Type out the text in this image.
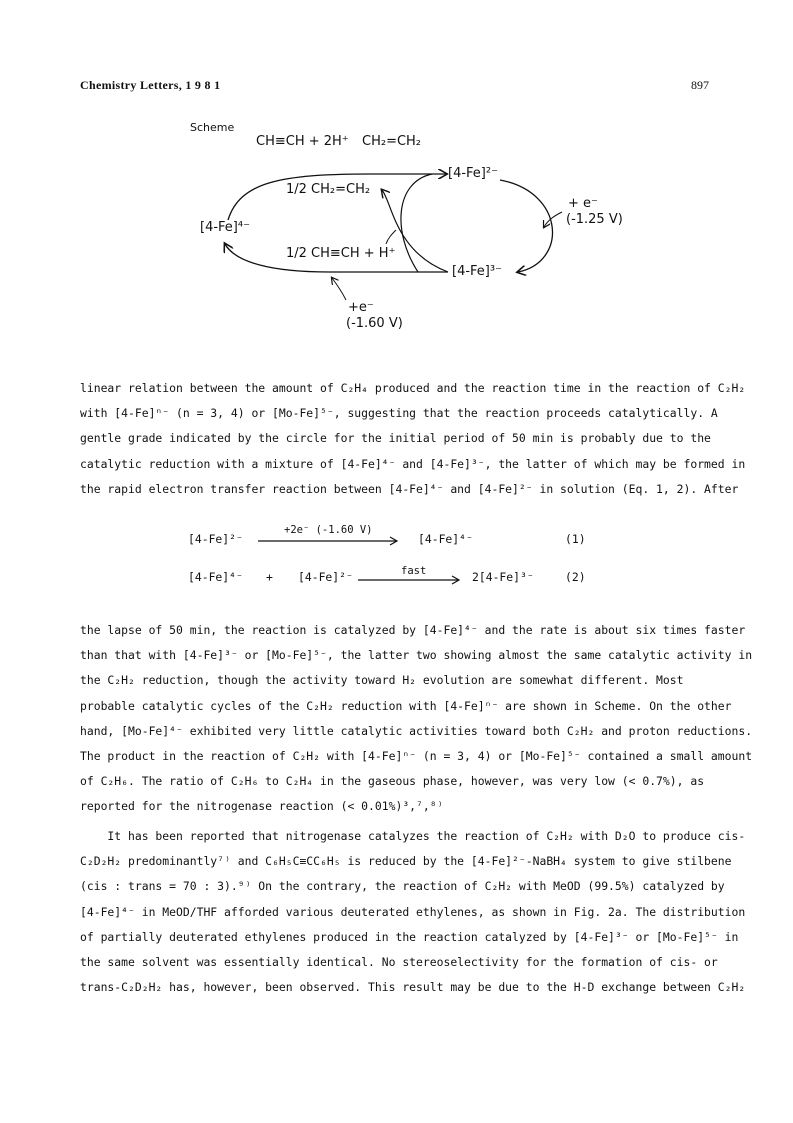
Chemistry Letters, 1 9 8 1	897
Scheme
CH≡CH + 2H⁺ CH₂=CH₂
1/2 CH₂=CH₂
1/2 CH≡CH + H⁺
[4-Fe]⁴⁻
[4-Fe]²⁻
[4-Fe]³⁻
+ e⁻
(-1.25 V)
+e⁻
(-1.60 V)
linear relation between the amount of C₂H₄ produced and the reaction time in the reaction of C₂H₂
with [4-Fe]ⁿ⁻ (n = 3, 4) or [Mo-Fe]⁵⁻, suggesting that the reaction proceeds catalytically. A
gentle grade indicated by the circle for the initial period of 50 min is probably due to the
catalytic reduction with a mixture of [4-Fe]⁴⁻ and [4-Fe]³⁻, the latter of which may be formed in
the rapid electron transfer reaction between [4-Fe]⁴⁻ and [4-Fe]²⁻ in solution (Eq. 1, 2). After
[4-Fe]²⁻
+2e⁻ (-1.60 V)
[4-Fe]⁴⁻	(1)
[4-Fe]⁴⁻ + [4-Fe]²⁻	fast	2[4-Fe]³⁻	(2)
the lapse of 50 min, the reaction is catalyzed by [4-Fe]⁴⁻ and the rate is about six times faster
than that with [4-Fe]³⁻ or [Mo-Fe]⁵⁻, the latter two showing almost the same catalytic activity in
the C₂H₂ reduction, though the activity toward H₂ evolution are somewhat different. Most
probable catalytic cycles of the C₂H₂ reduction with [4-Fe]ⁿ⁻ are shown in Scheme. On the other
hand, [Mo-Fe]⁴⁻ exhibited very little catalytic activities toward both C₂H₂ and proton reductions.
The product in the reaction of C₂H₂ with [4-Fe]ⁿ⁻ (n = 3, 4) or [Mo-Fe]⁵⁻ contained a small amount
of C₂H₆. The ratio of C₂H₆ to C₂H₄ in the gaseous phase, however, was very low (< 0.7%), as
reported for the nitrogenase reaction (< 0.01%)³,⁷,⁸⁾
It has been reported that nitrogenase catalyzes the reaction of C₂H₂ with D₂O to produce cis-
C₂D₂H₂ predominantly⁷⁾ and C₆H₅C≡CC₆H₅ is reduced by the [4-Fe]²⁻-NaBH₄ system to give stilbene
(cis : trans = 70 : 3).⁹⁾ On the contrary, the reaction of C₂H₂ with MeOD (99.5%) catalyzed by
[4-Fe]⁴⁻ in MeOD/THF afforded various deuterated ethylenes, as shown in Fig. 2a. The distribution
of partially deuterated ethylenes produced in the reaction catalyzed by [4-Fe]³⁻ or [Mo-Fe]⁵⁻ in
the same solvent was essentially identical. No stereoselectivity for the formation of cis- or
trans-C₂D₂H₂ has, however, been observed. This result may be due to the H-D exchange between C₂H₂
